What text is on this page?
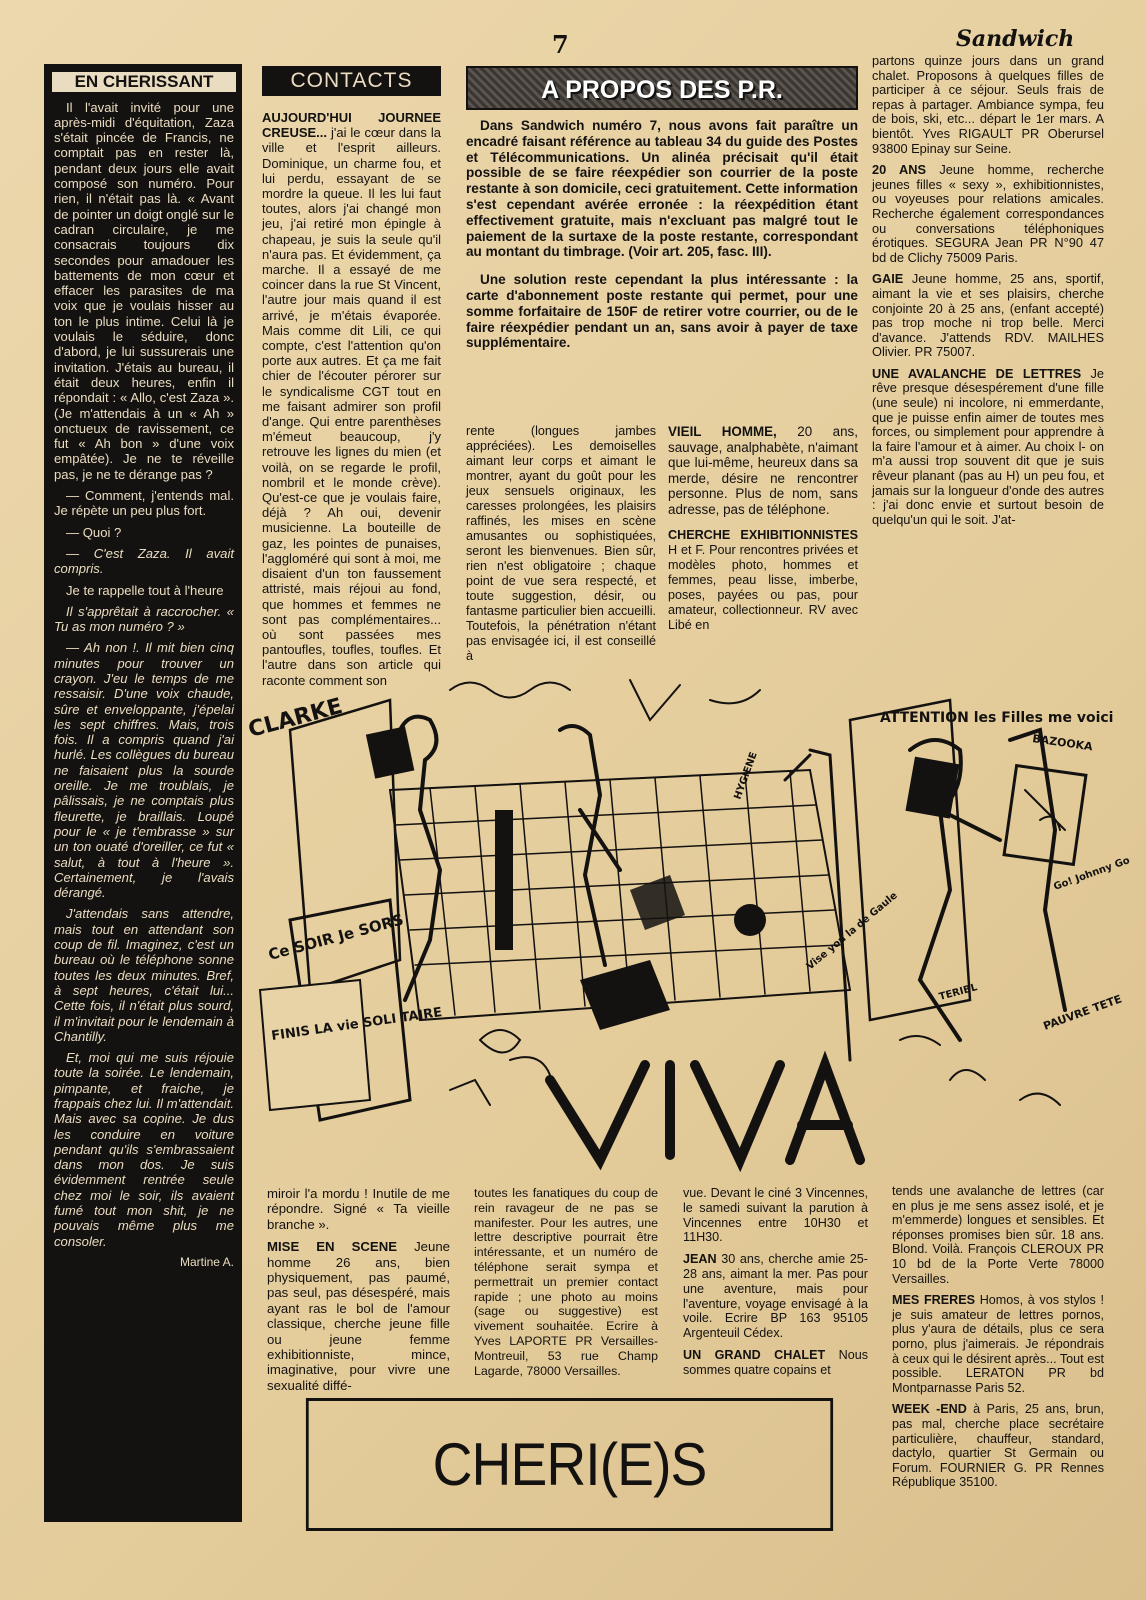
7	Sandwich
EN CHERISSANT

Il l'avait invité pour une après-midi d'équitation, Zaza s'était pincée de Francis, ne comptait pas en rester là, pendant deux jours elle avait composé son numéro. Pour rien, il n'était pas là. « Avant de pointer un doigt onglé sur le cadran circulaire, je me consacrais toujours dix secondes pour amadouer les battements de mon cœur et effacer les parasites de ma voix que je voulais hisser au ton le plus intime. Celui là je voulais le séduire, donc d'abord, je lui sussurerais une invitation. J'étais au bureau, il était deux heures, enfin il répondait : « Allo, c'est Zaza ». (Je m'attendais à un « Ah » onctueux de ravissement, ce fut « Ah bon » d'une voix empâtée). Je ne te réveille pas, je ne te dérange pas ?

— Comment, j'entends mal. Je répète un peu plus fort.

— Quoi ?

— C'est Zaza. Il avait compris.

Je te rappelle tout à l'heure

Il s'apprêtait à raccrocher. « Tu as mon numéro ? »

— Ah non !. Il mit bien cinq minutes pour trouver un crayon. J'eu le temps de me ressaisir. D'une voix chaude, sûre et enveloppante, j'épelai les sept chiffres. Mais, trois fois. Il a compris quand j'ai hurlé. Les collègues du bureau ne faisaient plus la sourde oreille. Je me troublais, je pâlissais, je ne comptais plus fleurette, je braillais. Loupé pour le « je t'embrasse » sur un ton ouaté d'oreiller, ce fut « salut, à tout à l'heure ». Certainement, je l'avais dérangé.

J'attendais sans attendre, mais tout en attendant son coup de fil. Imaginez, c'est un bureau où le téléphone sonne toutes les deux minutes. Bref, à sept heures, c'était lui... Cette fois, il n'était plus sourd, il m'invitait pour le lendemain à Chantilly.

Et, moi qui me suis réjouie toute la soirée. Le lendemain, pimpante, et fraiche, je frappais chez lui. Il m'attendait. Mais avec sa copine. Je dus les conduire en voiture pendant qu'ils s'embrassaient dans mon dos. Je suis évidemment rentrée seule chez moi le soir, ils avaient fumé tout mon shit, je ne pouvais même plus me consoler.

Martine A.
CONTACTS

AUJOURD'HUI JOURNEE CREUSE... j'ai le cœur dans la ville et l'esprit ailleurs. Dominique, un charme fou, et lui perdu, essayant de se mordre la queue. Il les lui faut toutes, alors j'ai changé mon jeu, j'ai retiré mon épingle à chapeau, je suis la seule qu'il n'aura pas. Et évidemment, ça marche. Il a essayé de me coincer dans la rue St Vincent, l'autre jour mais quand il est arrivé, je m'étais évaporée. Mais comme dit Lili, ce qui compte, c'est l'attention qu'on porte aux autres. Et ça me fait chier de l'écouter pérorer sur le syndicalisme CGT tout en me faisant admirer son profil d'ange. Qui entre parenthèses m'émeut beaucoup, j'y retrouve les lignes du mien (et voilà, on se regarde le profil, nombril et le monde crève). Qu'est-ce que je voulais faire, déjà ? Ah oui, devenir musicienne. La bouteille de gaz, les pointes de punaises, l'aggloméré qui sont à moi, me disaient d'un ton faussement attristé, mais réjoui au fond, que hommes et femmes ne sont pas complémentaires... où sont passées mes pantoufles, toufles, toufles. Et l'autre dans son article qui raconte comment son

A PROPOS DES P.R.

Dans Sandwich numéro 7, nous avons fait paraître un encadré faisant référence au tableau 34 du guide des Postes et Télécommunications. Un alinéa précisait qu'il était possible de se faire réexpédier son courrier de la poste restante à son domicile, ceci gratuitement. Cette information s'est cependant avérée erronée : la réexpédition étant effectivement gratuite, mais n'excluant pas malgré tout le paiement de la surtaxe de la poste restante, correspondant au montant du timbrage. (Voir art. 205, fasc. III).

Une solution reste cependant la plus intéressante : la carte d'abonnement poste restante qui permet, pour une somme forfaitaire de 150F de retirer votre courrier, ou de le faire réexpédier pendant un an, sans avoir à payer de taxe supplémentaire.

rente (longues jambes appréciées). Les demoiselles aimant leur corps et aimant le montrer, ayant du goût pour les jeux sensuels originaux, les caresses prolongées, les plaisirs raffinés, les mises en scène amusantes ou sophistiquées, seront les bienvenues. Bien sûr, rien n'est obligatoire ; chaque point de vue sera respecté, et toute suggestion, désir, ou fantasme particulier bien accueilli. Toutefois, la pénétration n'étant pas envisagée ici, il est conseillé à

VIEIL HOMME, 20 ans, sauvage, analphabète, n'aimant que lui-même, heureux dans sa merde, désire ne rencontrer personne. Plus de nom, sans adresse, pas de téléphone.

CHERCHE EXHIBITIONNISTES H et F. Pour rencontres privées et modèles photo, hommes et femmes, peau lisse, imberbe, poses, payées ou pas, pour amateur, collectionneur. RV avec Libé en

partons quinze jours dans un grand chalet. Proposons à quelques filles de participer à ce séjour. Seuls frais de repas à partager. Ambiance sympa, feu de bois, ski, etc... départ le 1er mars. A bientôt. Yves RIGAULT PR Oberursel 93800 Epinay sur Seine.

20 ANS Jeune homme, recherche jeunes filles « sexy », exhibitionnistes, ou voyeuses pour relations amicales. Recherche également correspondances ou conversations téléphoniques érotiques. SEGURA Jean PR N°90 47 bd de Clichy 75009 Paris.

GAIE Jeune homme, 25 ans, sportif, aimant la vie et ses plaisirs, cherche conjointe 20 à 25 ans, (enfant accepté) pas trop moche ni trop belle. Merci d'avance. J'attends RDV. MAILHES Olivier. PR 75007.

UNE AVALANCHE DE LETTRES Je rêve presque désespérement d'une fille (une seule) ni incolore, ni emmerdante, que je puisse enfin aimer de toutes mes forces, ou simplement pour apprendre à la faire l'amour et à aimer. Au choix l- on m'a aussi trop souvent dit que je suis rêveur planant (pas au H) un peu fou, et jamais sur la longueur d'onde des autres : j'ai donc envie et surtout besoin de quelqu'un qui le soit. J'at-

CLARKE	ATTENTION les Filles me voici
BAZOOKA
Ce SOIR Je SORS
FINIS LA vie SOLI TAIRE
Vise you la de Gaule
Go! Johnny Go
TERIBL	PAUVRE TETE
HYGIENE
VIVA

miroir l'a mordu ! Inutile de me répondre. Signé « Ta vieille branche ».

MISE EN SCENE Jeune homme 26 ans, bien physiquement, pas paumé, pas seul, pas désespéré, mais ayant ras le bol de l'amour classique, cherche jeune fille ou jeune femme exhibitionniste, mince, imaginative, pour vivre une sexualité diffé-

toutes les fanatiques du coup de rein ravageur de ne pas se manifester. Pour les autres, une lettre descriptive pourrait être intéressante, et un numéro de téléphone serait sympa et permettrait un premier contact rapide ; une photo au moins (sage ou suggestive) est vivement souhaitée. Ecrire à Yves LAPORTE PR Versailles-Montreuil, 53 rue Champ Lagarde, 78000 Versailles.

vue. Devant le ciné 3 Vincennes, le samedi suivant la parution à Vincennes entre 10H30 et 11H30.

JEAN 30 ans, cherche amie 25-28 ans, aimant la mer. Pas pour une aventure, mais pour l'aventure, voyage envisagé à la voile. Ecrire BP 163 95105 Argenteuil Cédex.

UN GRAND CHALET Nous sommes quatre copains et

tends une avalanche de lettres (car en plus je me sens assez isolé, et je m'emmerde) longues et sensibles. Et réponses promises bien sûr. 18 ans. Blond. Voilà. François CLEROUX PR 10 bd de la Porte Verte 78000 Versailles.

MES FRERES Homos, à vos stylos ! je suis amateur de lettres pornos, plus y'aura de détails, plus ce sera porno, plus j'aimerais. Je répondrais à ceux qui le désirent après... Tout est possible. LERATON PR bd Montparnasse Paris 52.

WEEK -END à Paris, 25 ans, brun, pas mal, cherche place secrétaire particulière, chauffeur, standard, dactylo, quartier St Germain ou Forum. FOURNIER G. PR Rennes République 35100.

CHERI(E)S
